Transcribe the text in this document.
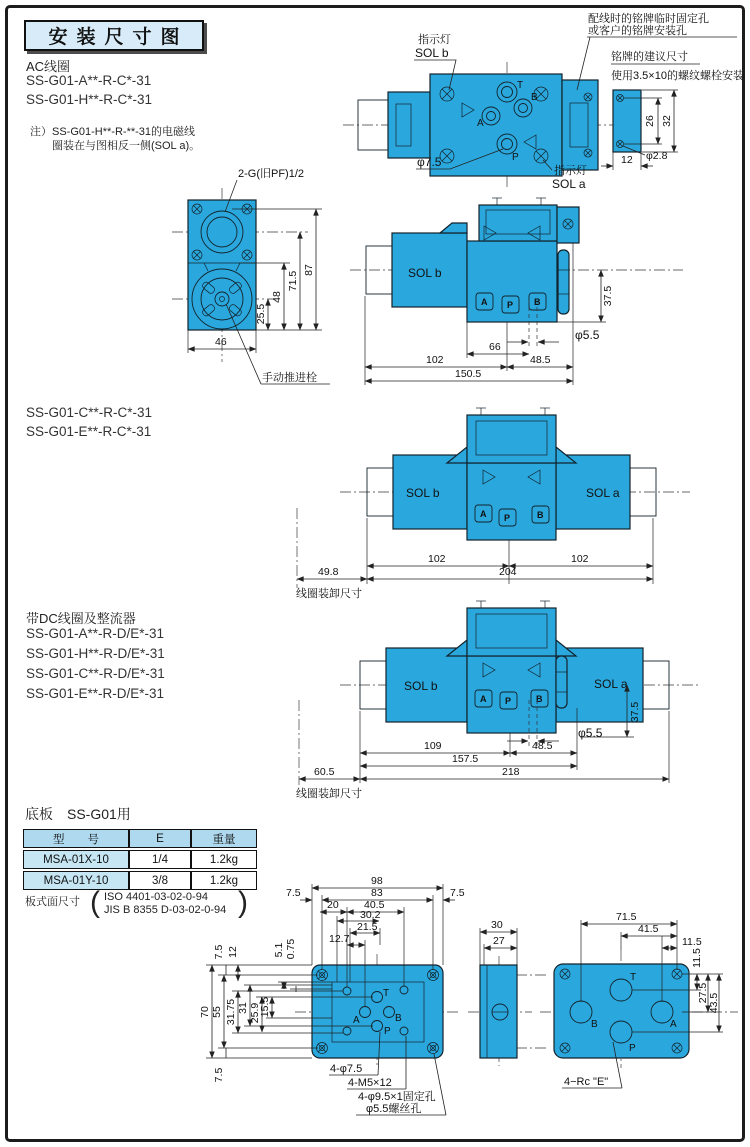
T
B
A
P
指示灯
SOL b
指示灯
SOL a
φ7.5
配线时的铭牌临时固定孔
或客户的铭牌安装孔
铭牌的建议尺寸
使用3.5×10的螺纹螺栓安装
26 32
12 φ2.8
2-G(旧PF)1/2
25.5
48
71.5
87
46
手动推进栓
SOL b
A P B	37.5
φ5.5
66
102	48.5
150.5
SOL b	SOL a
A P	B
102	102
204
49.8
线圈装卸尺寸
SOL b	SOL a
A P	B
φ5.5
37.5
109	48.5
157.5
218
60.5
线圈装卸尺寸
T
A	B
P
98
83
7.5	7.5
20 40.5
30.2
21.5
12.7
70 55 31.75 31 25.9
15.5
7.5 12	5.1 0.75
7.5	4-φ7.5
4-M5×12
4-φ9.5×1固定孔
φ5.5螺丝孔
30
27
T
B	A
P
71.5
41.5
11.5
11.5
27.5 43.5
4−Rc "E"
安装尺寸图
AC线圈
SS-G01-A**-R-C*-31
SS-G01-H**-R-C*-31
注）SS-G01-H**-R-**-31的电磁线
圈装在与图相反一侧(SOL a)。
SS-G01-C**-R-C*-31
SS-G01-E**-R-C*-31
带DC线圈及整流器
SS-G01-A**-R-D/E*-31
SS-G01-H**-R-D/E*-31
SS-G01-C**-R-D/E*-31
SS-G01-E**-R-D/E*-31
底板　SS-G01用
型　　号	E	重量
MSA-01X-10	1/4	1.2kg
MSA-01Y-10	3/8	1.2kg
板式面尺寸 ( ISO 4401-03-02-0-94
JIS B 8355 D-03-02-0-94 )
